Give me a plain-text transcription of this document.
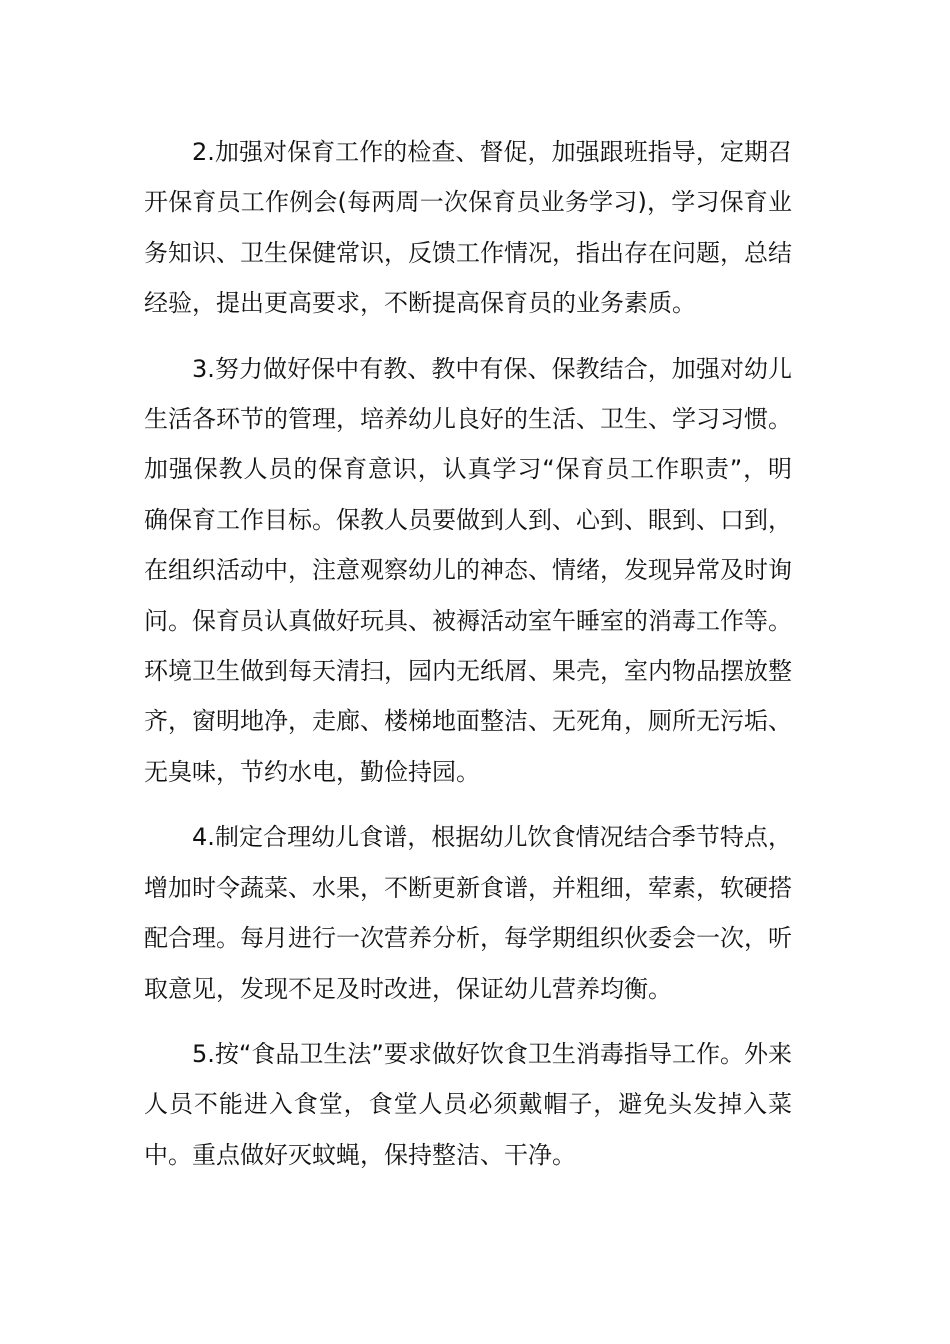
2.加强对保育工作的检查、督促，加强跟班指导，定期召开保育员工作例会(每两周一次保育员业务学习)，学习保育业务知识、卫生保健常识，反馈工作情况，指出存在问题，总结经验，提出更高要求，不断提高保育员的业务素质。

3.努力做好保中有教、教中有保、保教结合，加强对幼儿生活各环节的管理，培养幼儿良好的生活、卫生、学习习惯。加强保教人员的保育意识，认真学习“保育员工作职责”，明确保育工作目标。保教人员要做到人到、心到、眼到、口到，在组织活动中，注意观察幼儿的神态、情绪，发现异常及时询问。保育员认真做好玩具、被褥活动室午睡室的消毒工作等。环境卫生做到每天清扫，园内无纸屑、果壳，室内物品摆放整齐，窗明地净，走廊、楼梯地面整洁、无死角，厕所无污垢、无臭味，节约水电，勤俭持园。

4.制定合理幼儿食谱，根据幼儿饮食情况结合季节特点，增加时令蔬菜、水果，不断更新食谱，并粗细，荤素，软硬搭配合理。每月进行一次营养分析，每学期组织伙委会一次，听取意见，发现不足及时改进，保证幼儿营养均衡。

5.按“食品卫生法”要求做好饮食卫生消毒指导工作。外来人员不能进入食堂，食堂人员必须戴帽子，避免头发掉入菜中。重点做好灭蚊蝇，保持整洁、干净。
